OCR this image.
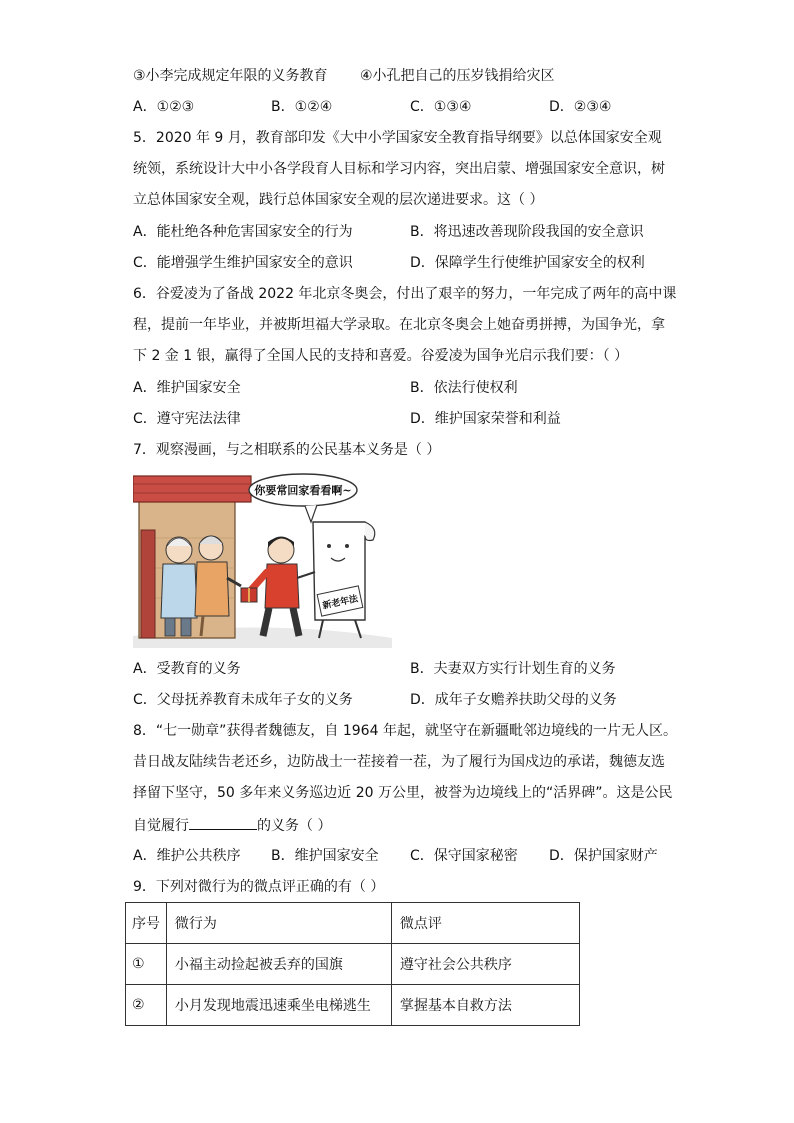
③小李完成规定年限的义务教育 ④小孔把自己的压岁钱捐给灾区
A．①②③	B．①②④	C．①③④	D．②③④
5．2020 年 9 月，教育部印发《大中小学国家安全教育指导纲要》以总体国家安全观
统领，系统设计大中小各学段育人目标和学习内容，突出启蒙、增强国家安全意识，树
立总体国家安全观，践行总体国家安全观的层次递进要求。这（ ）
A．能杜绝各种危害国家安全的行为	B．将迅速改善现阶段我国的安全意识
C．能增强学生维护国家安全的意识	D．保障学生行使维护国家安全的权利
6．谷爱凌为了备战 2022 年北京冬奥会，付出了艰辛的努力，一年完成了两年的高中课
程，提前一年毕业，并被斯坦福大学录取。在北京冬奥会上她奋勇拼搏，为国争光，拿
下 2 金 1 银，赢得了全国人民的支持和喜爱。谷爱凌为国争光启示我们要：（ ）
A．维护国家安全	B．依法行使权利
C．遵守宪法法律	D．维护国家荣誉和利益
7．观察漫画，与之相联系的公民基本义务是（ ）
你要常回家看看啊~
新老年法
A．受教育的义务	B．夫妻双方实行计划生育的义务
C．父母抚养教育未成年子女的义务	D．成年子女赡养扶助父母的义务
8．“七一勋章”获得者魏德友，自 1964 年起，就坚守在新疆毗邻边境线的一片无人区。
昔日战友陆续告老还乡，边防战士一茬接着一茬，为了履行为国戍边的承诺，魏德友选
择留下坚守，50 多年来义务巡边近 20 万公里，被誉为边境线上的“活界碑”。这是公民
自觉履行	的义务（ ）
A．维护公共秩序 B．维护国家安全 C．保守国家秘密 D．保护国家财产
9．下列对微行为的微点评正确的有（ ）
序号	微行为	微点评
①	小福主动捡起被丢弃的国旗	遵守社会公共秩序
②	小月发现地震迅速乘坐电梯逃生	掌握基本自救方法
